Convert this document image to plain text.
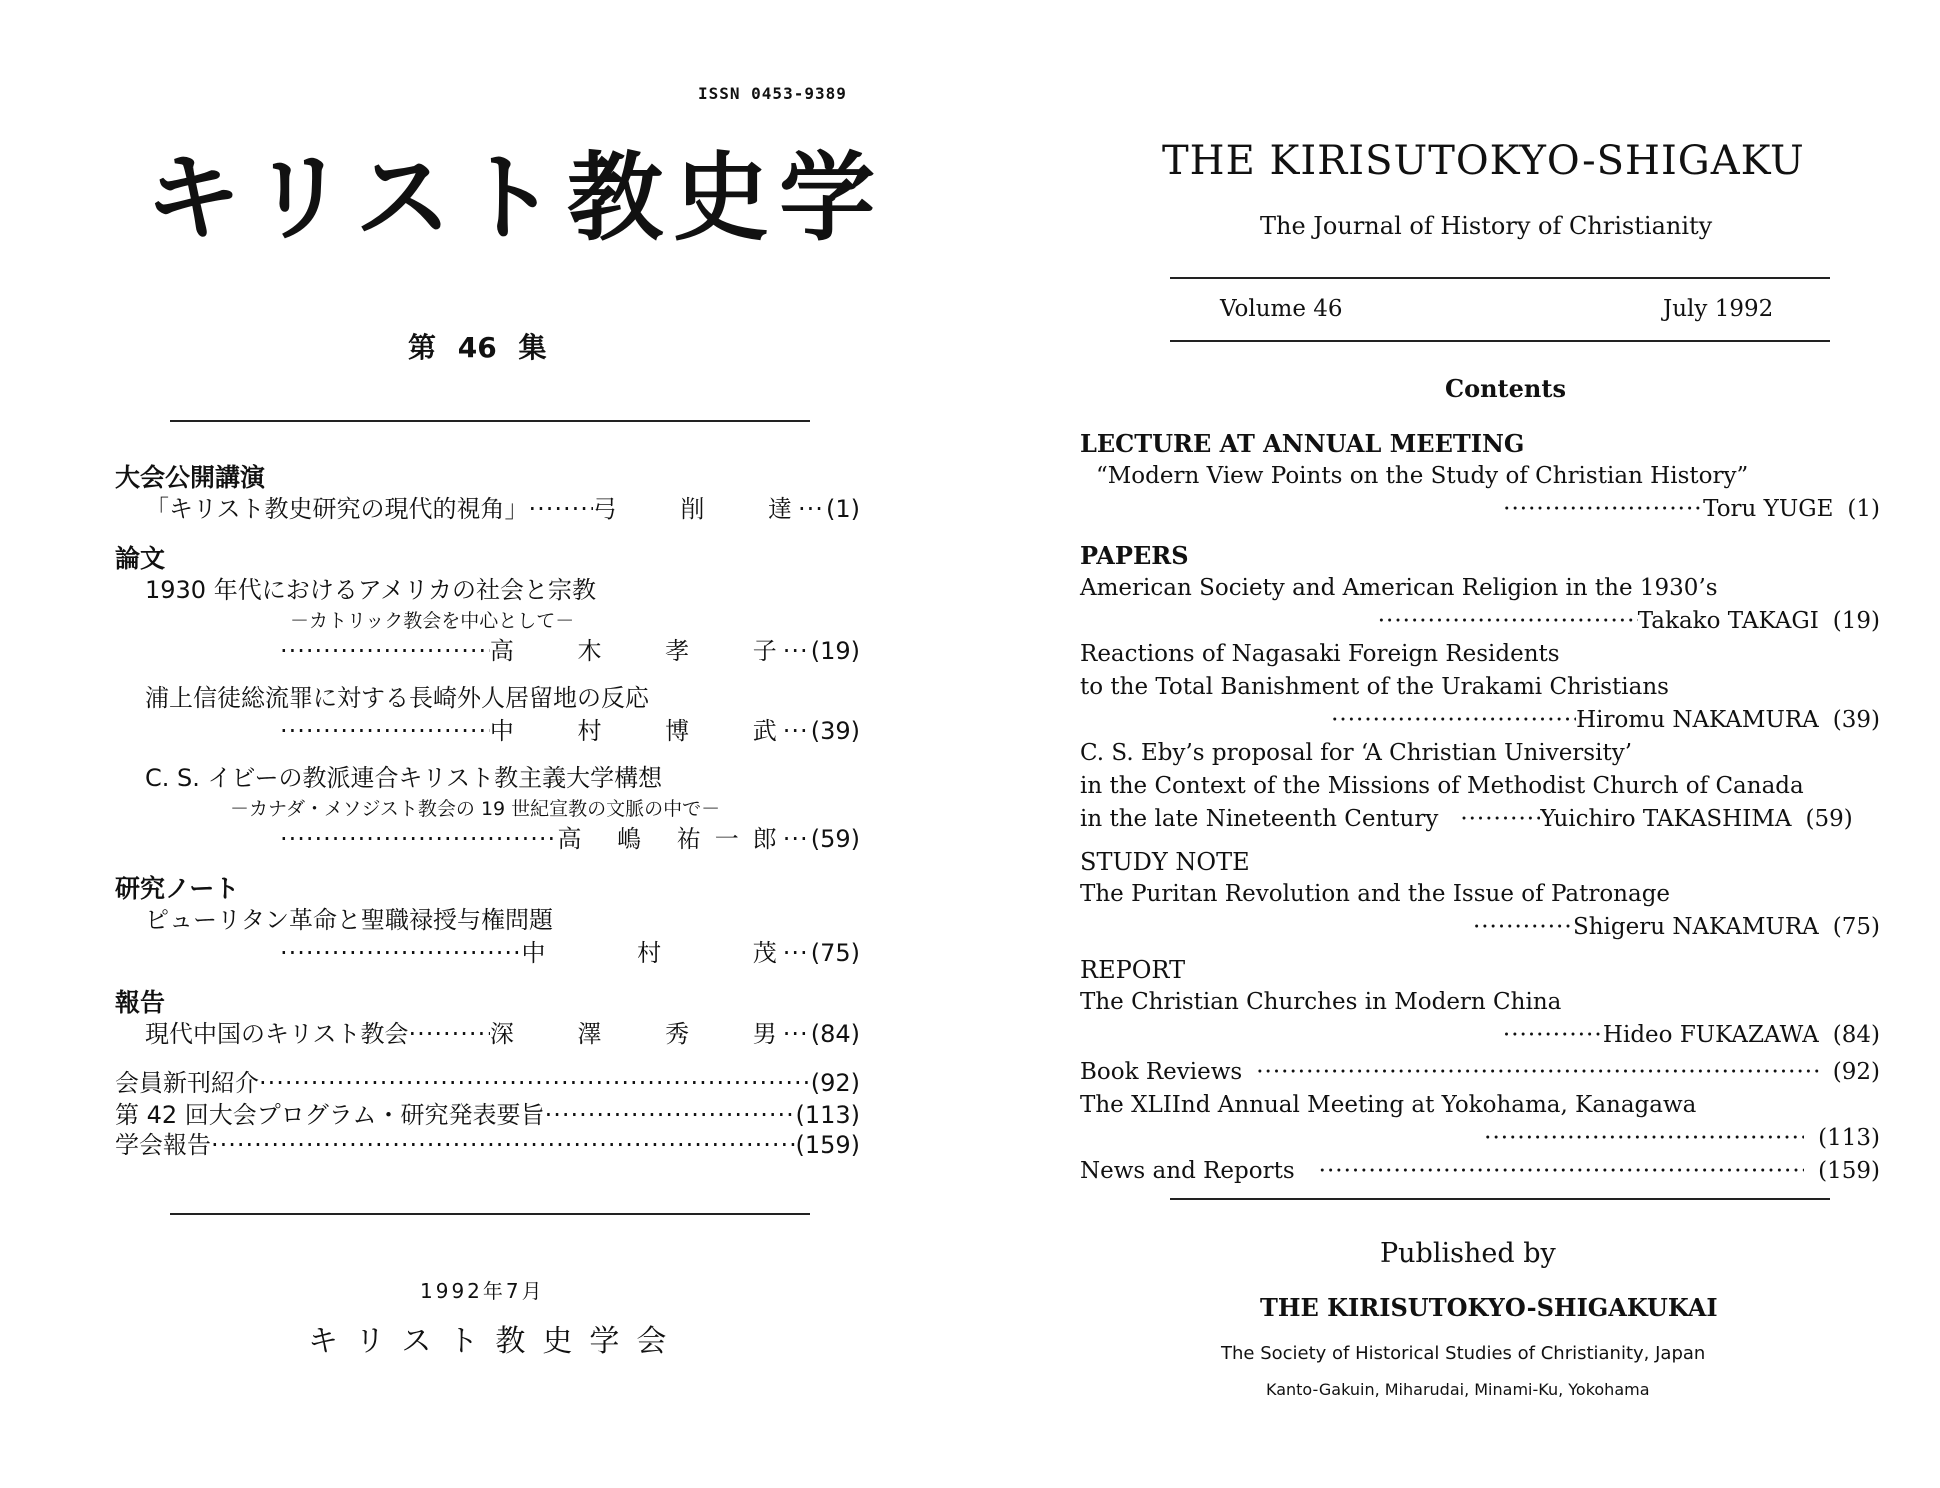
ISSN 0453-9389
キリスト教史学
第 46 集
大会公開講演
「キリスト教史研究の現代的視角」 ·····	弓 削 達 ····· (1)
論文
1930 年代におけるアメリカの社会と宗教
－カトリック教会を中心として－
·····
高 木 孝 子 ····· (19)
浦上信徒総流罪に対する長崎外人居留地の反応
·····
中 村 博 武 ····· (39)
C. S. イビーの教派連合キリスト教主義大学構想
－カナダ・メソジスト教会の 19 世紀宣教の文脈の中で－
·····
高 嶋 祐一郎 ····· (59)
研究ノート
ピューリタン革命と聖職禄授与権問題
·····
中 村 茂
·····
(75)
報告
現代中国のキリスト教会 ·····	深 澤 秀 男 ····· (84)
会員新刊紹介 ·····	(92)
第 42 回大会プログラム・研究発表要旨 ·····	(113)
学会報告 ·····	(159)
1992年7月
キリスト教史学会
THE KIRISUTOKYO-SHIGAKU
The Journal of History of Christianity
Volume 46	July 1992
Contents
LECTURE AT ANNUAL MEETING
“Modern View Points on the Study of Christian History”
·····
Toru YUGE (1)
PAPERS
American Society and American Religion in the 1930’s
·····
Takako TAKAGI (19)
Reactions of Nagasaki Foreign Residents
to the Total Banishment of the Urakami Christians
·····
Hiromu NAKAMURA (39)
C. S. Eby’s proposal for ‘A Christian University’
in the Context of the Missions of Methodist Church of Canada
in the late Nineteenth Century ·····	Yuichiro TAKASHIMA (59)
STUDY NOTE
The Puritan Revolution and the Issue of Patronage
·····
Shigeru NAKAMURA (75)
REPORT
The Christian Churches in Modern China
·····
Hideo FUKAZAWA (84)
Book Reviews ·····	(92)
The XLIInd Annual Meeting at Yokohama, Kanagawa
·····
(113)
News and Reports ·····	(159)
Published by
THE KIRISUTOKYO-SHIGAKUKAI
The Society of Historical Studies of Christianity, Japan
Kanto-Gakuin, Miharudai, Minami-Ku, Yokohama
